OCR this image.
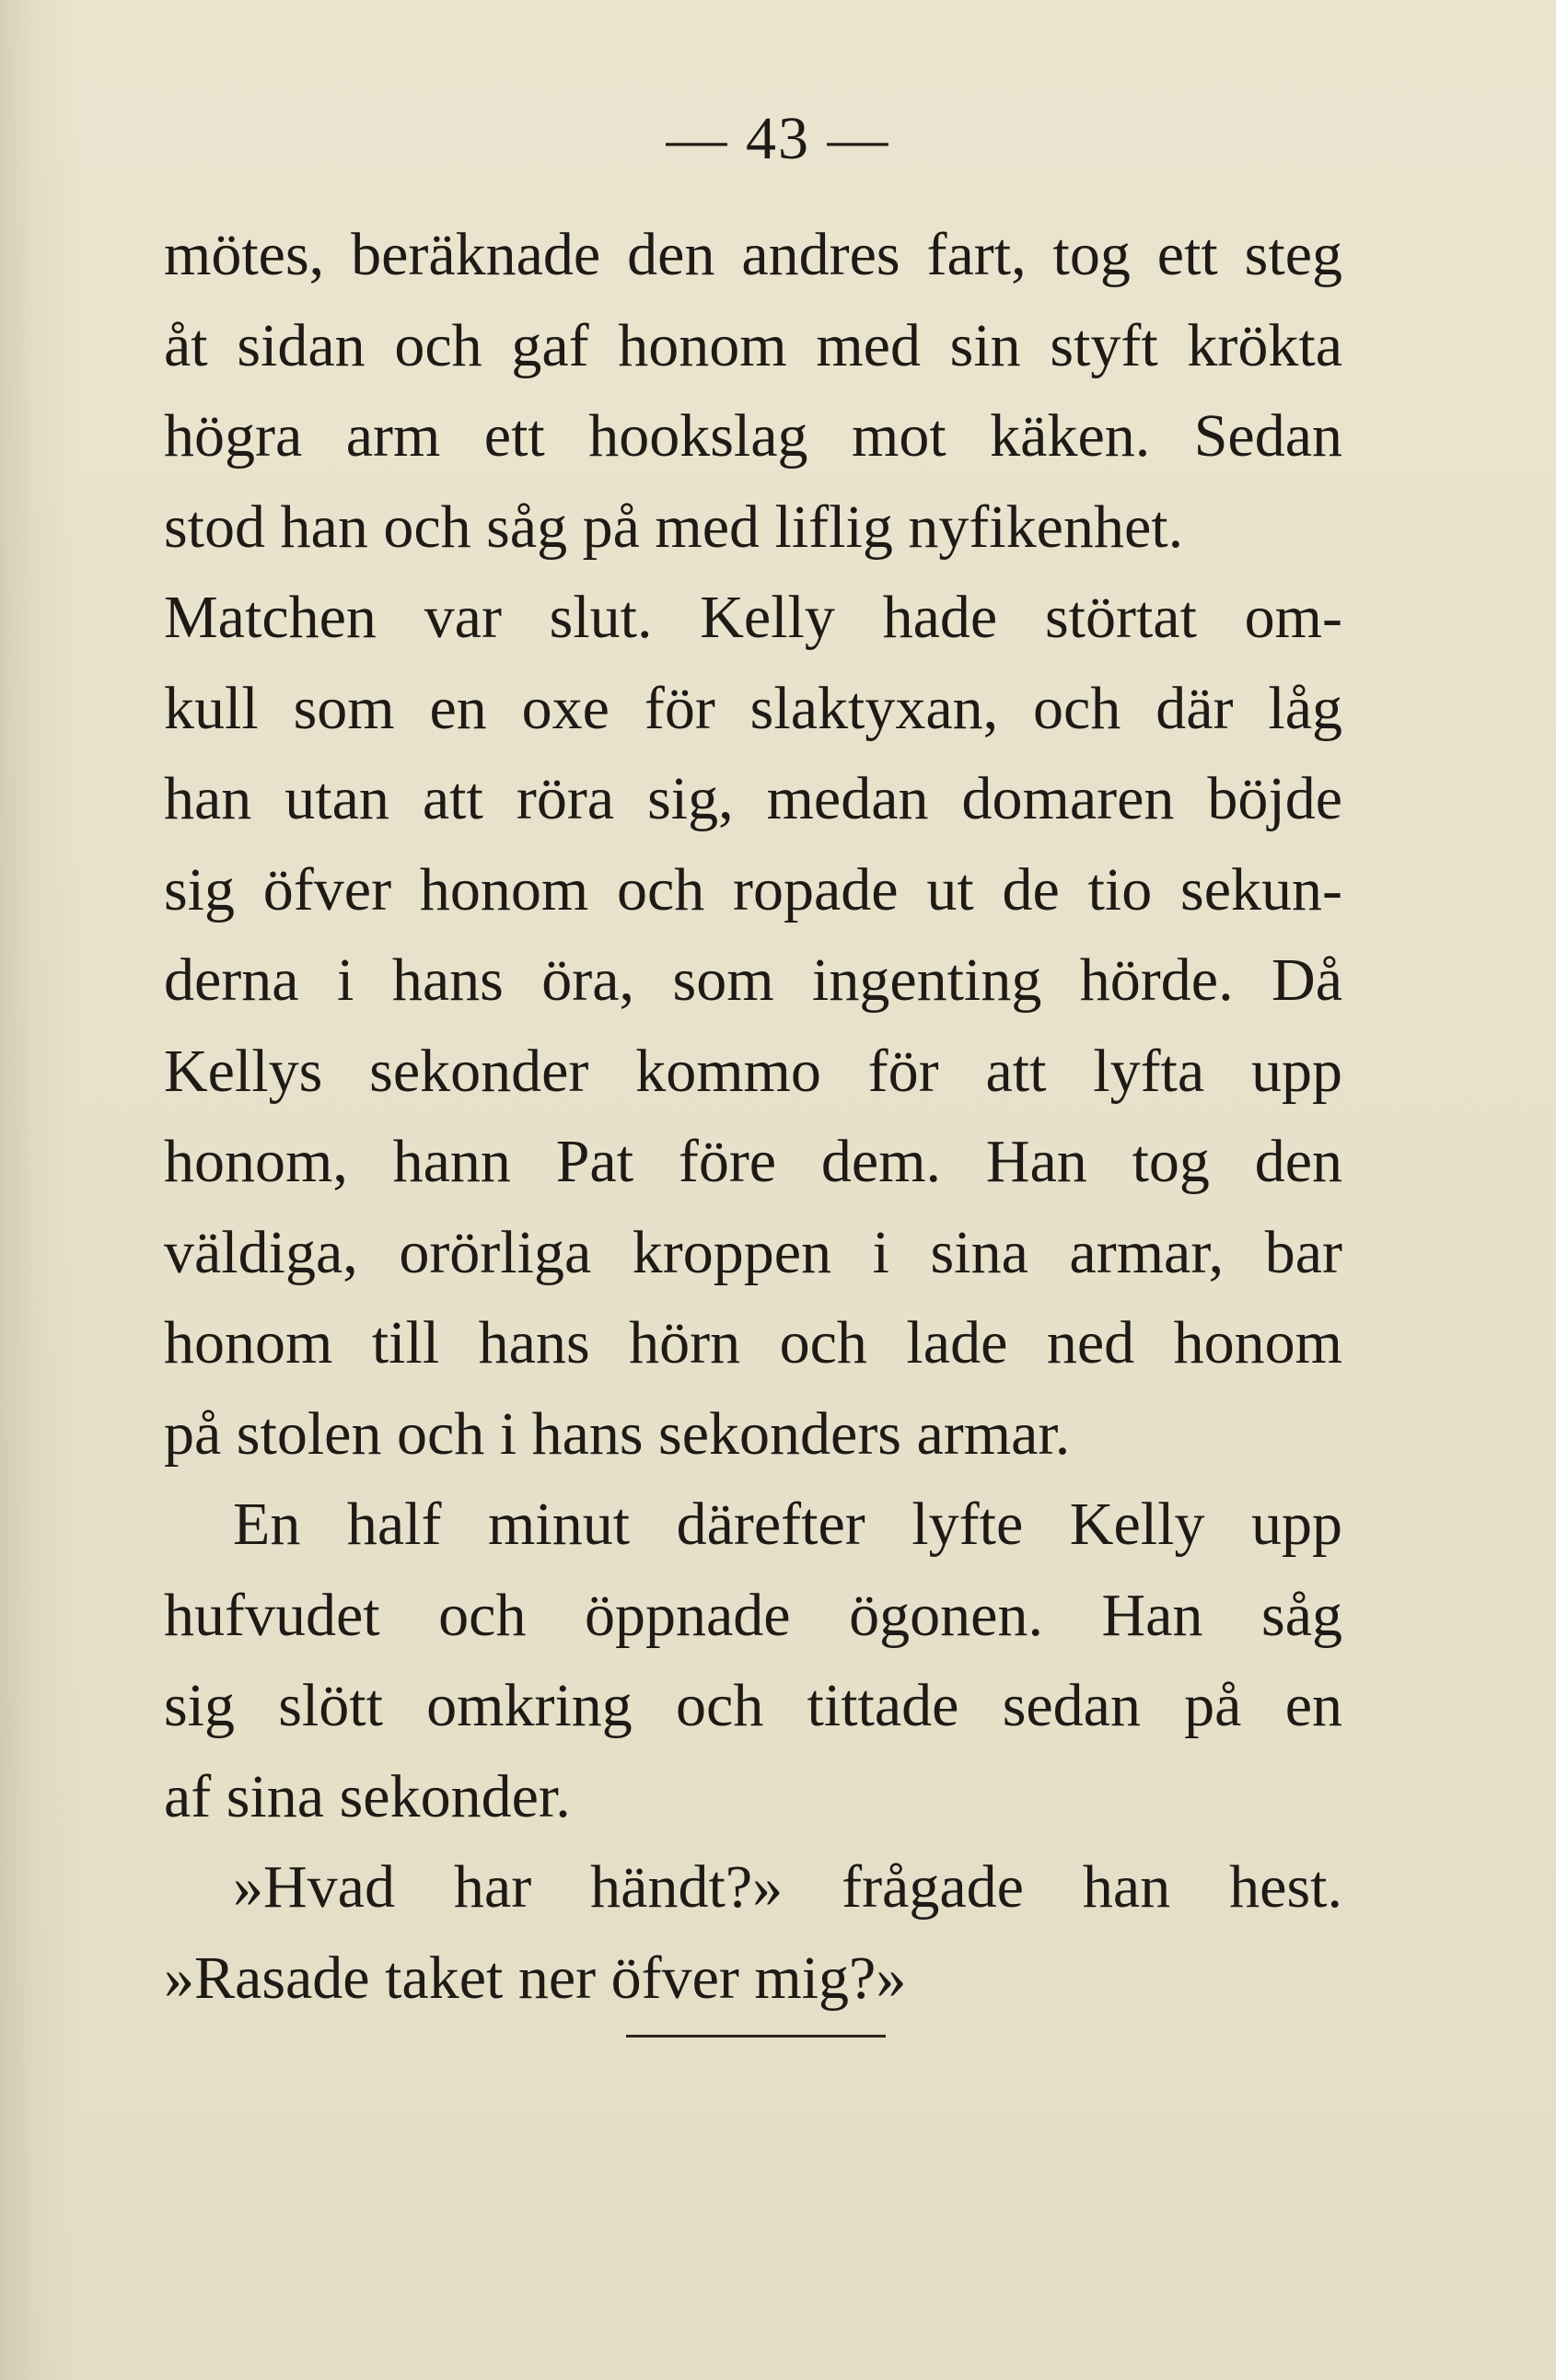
— 43 —
mötes, beräknade den andres fart, tog ett steg
åt sidan och gaf honom med sin styft krökta
högra arm ett hookslag mot käken. Sedan
stod han och såg på med liflig nyfikenhet.
Matchen var slut. Kelly hade störtat om-
kull som en oxe för slaktyxan, och där låg
han utan att röra sig, medan domaren böjde
sig öfver honom och ropade ut de tio sekun-
derna i hans öra, som ingenting hörde. Då
Kellys sekonder kommo för att lyfta upp
honom, hann Pat före dem. Han tog den
väldiga, orörliga kroppen i sina armar, bar
honom till hans hörn och lade ned honom
på stolen och i hans sekonders armar.
En half minut därefter lyfte Kelly upp
hufvudet och öppnade ögonen. Han såg
sig slött omkring och tittade sedan på en
af sina sekonder.
»Hvad har händt?» frågade han hest.
»Rasade taket ner öfver mig?»
